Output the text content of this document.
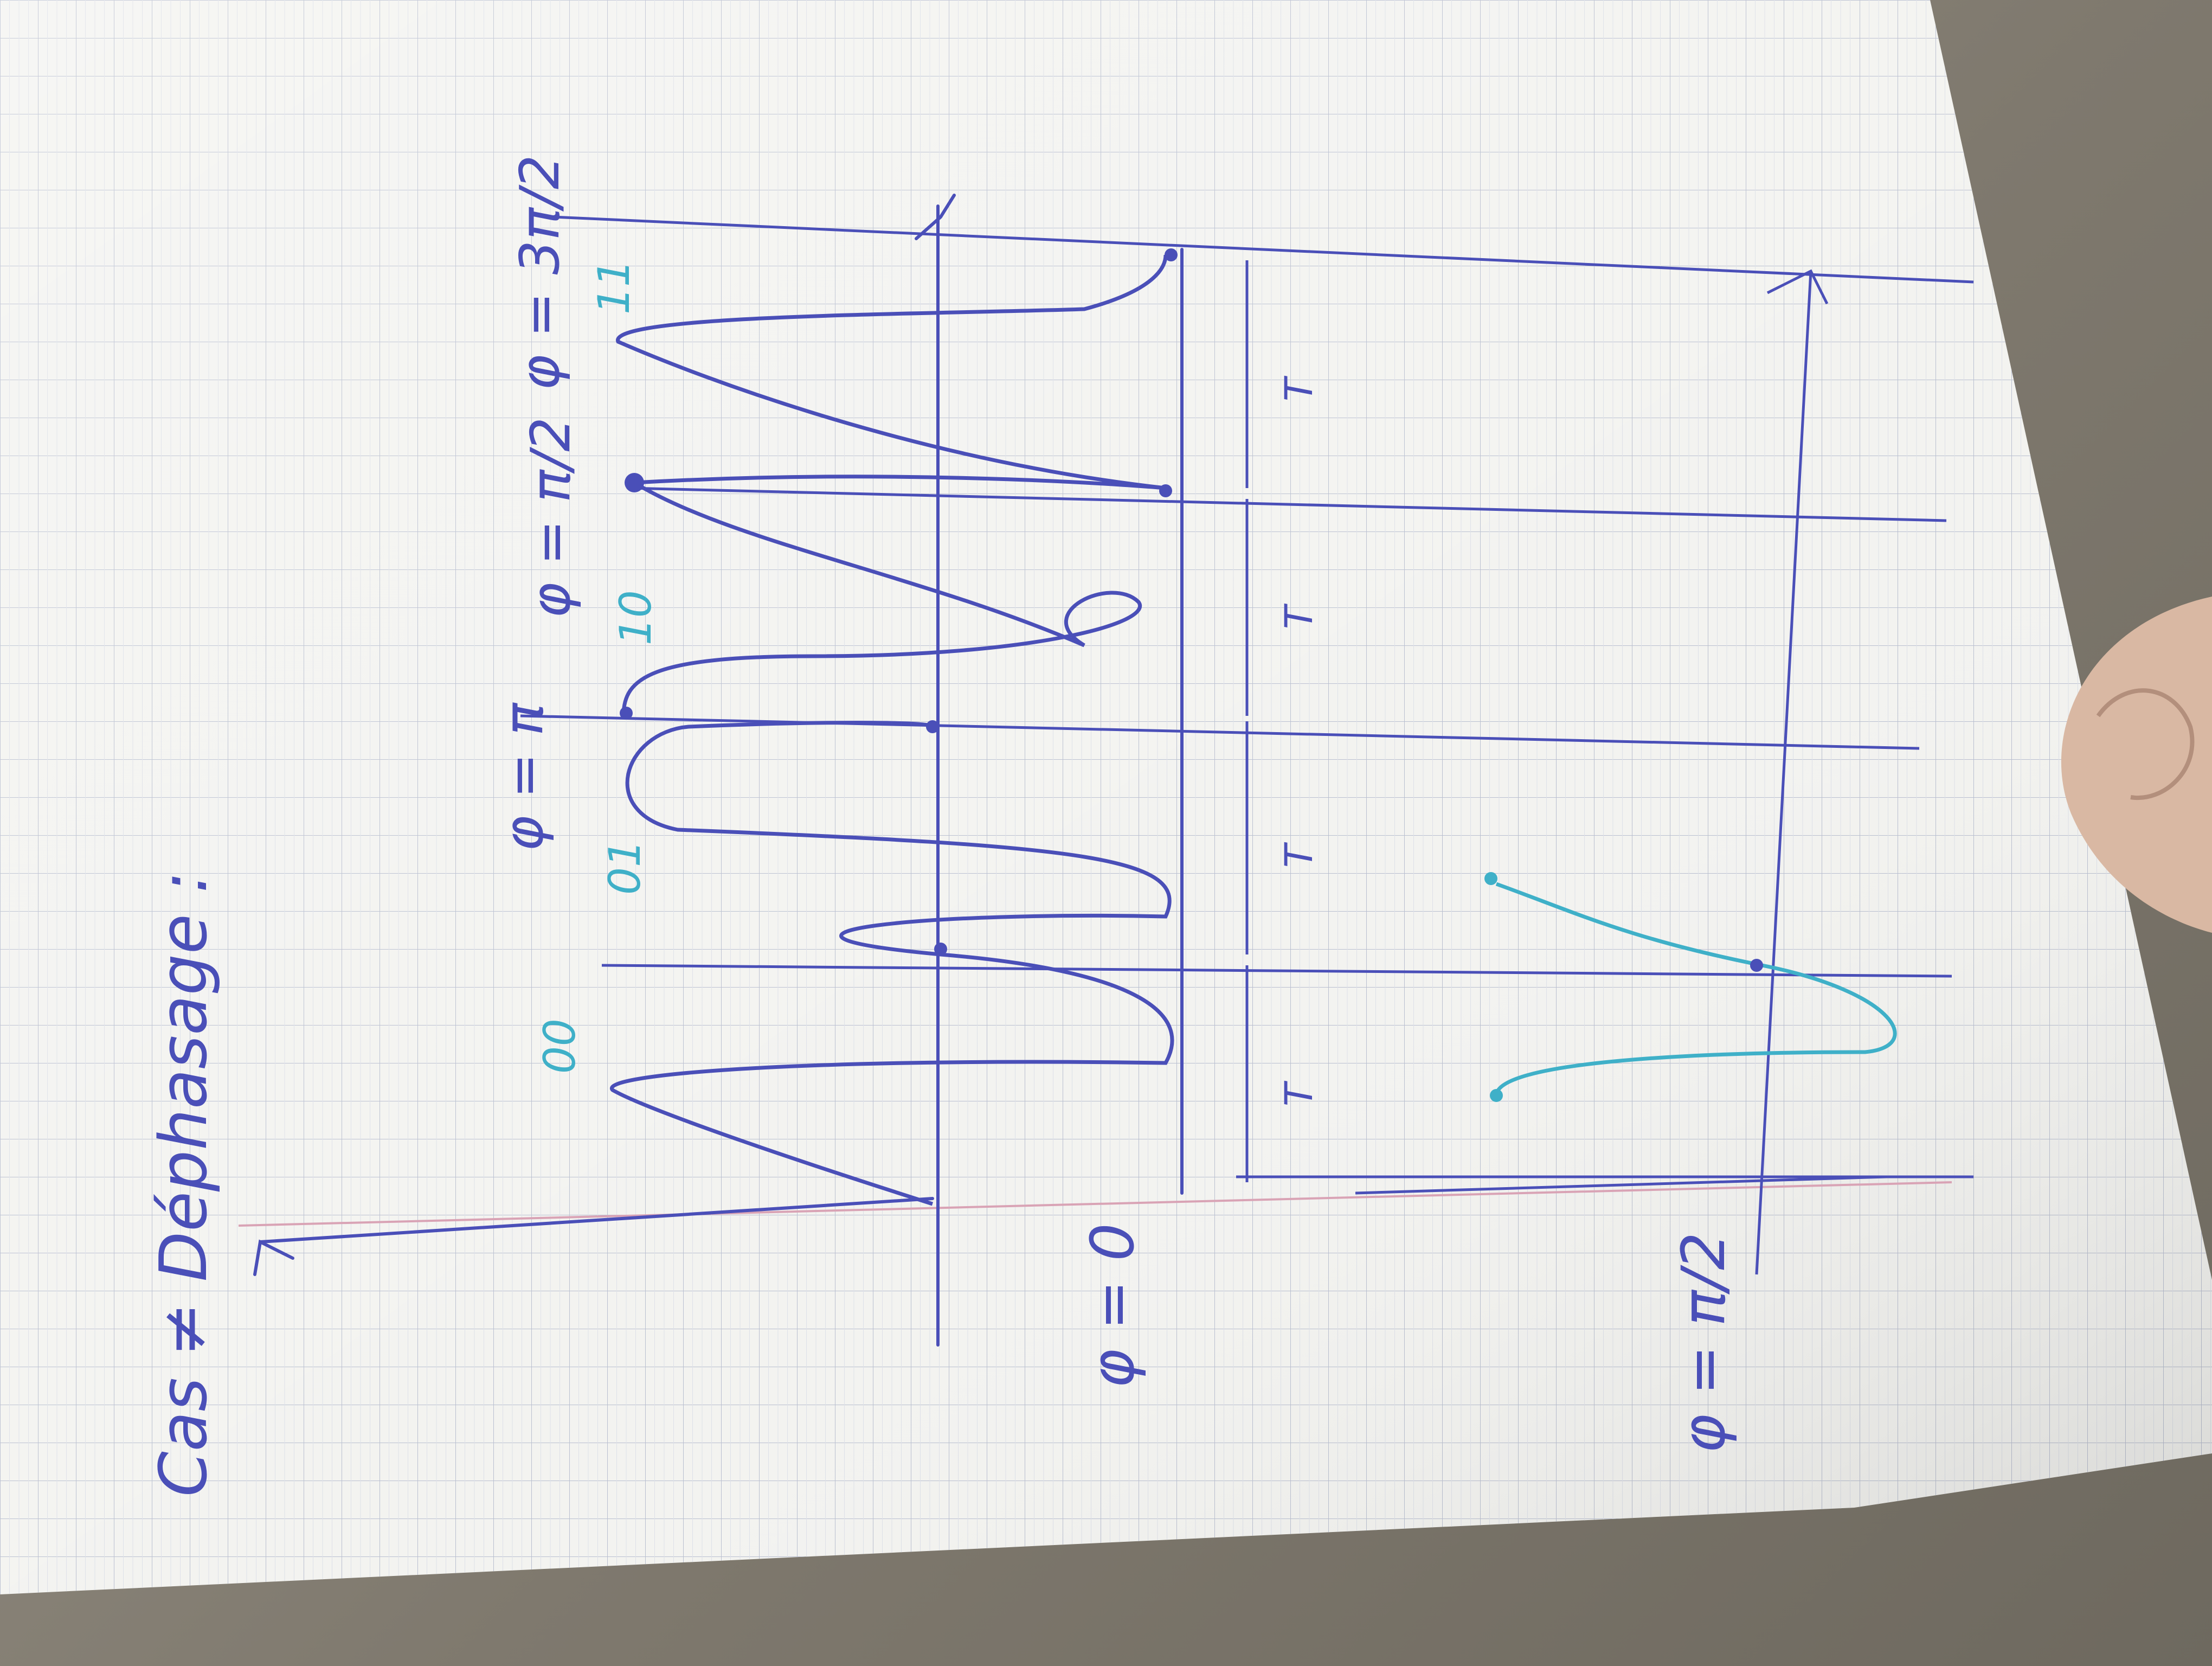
Cas ≠ Déphasage :	φ = 0
φ = π
φ = π/2
φ = 3π/2
φ = π/2
T
T
T
T
00
01
10
11
